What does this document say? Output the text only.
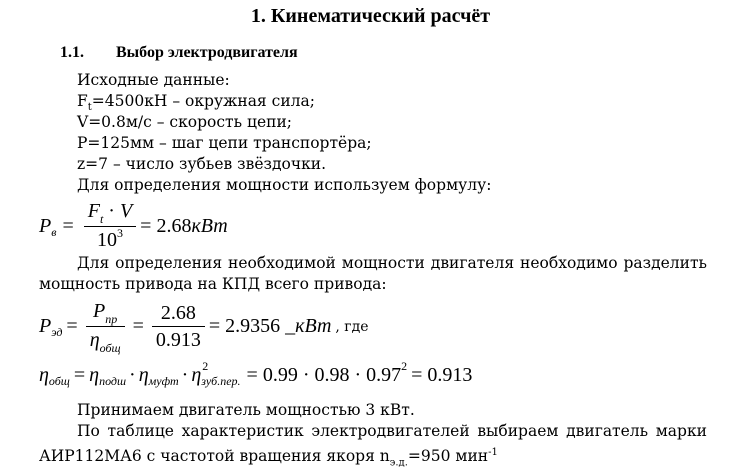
1. Кинематический расчёт
1.1. Выбор электродвигателя
Исходные данные:
$F_t=4500кН$ – окружная сила;
V=0.8м/с – скорость цепи;
P=125мм – шаг цепи транспортёра;
z=7 – число зубьев звёздочки.
Для определения мощности используем формулу:
P $в = \frac{F_t \cdot V}{10^3} = 2.68$ кВт
Для определения необходимой мощности двигателя необходимо разделить
мощность привода на КПД всего привода:
P эд = $\frac{P_{пр}}{\eta_{общ}} = \frac{2.68}{0.913} = 2.9356$ _ кВт , где
η общ = η подш · η муфт · η 2
зуб.пер. = 0.99 · 0.98 · 0.97 2 = 0.913
Принимаем двигатель мощностью 3 кВт.
По таблице характеристик электродвигателей выбираем двигатель марки
АИР112МА6 с частотой вращения якоря $n_{э.д.}=950$ мин$^{-1}$
